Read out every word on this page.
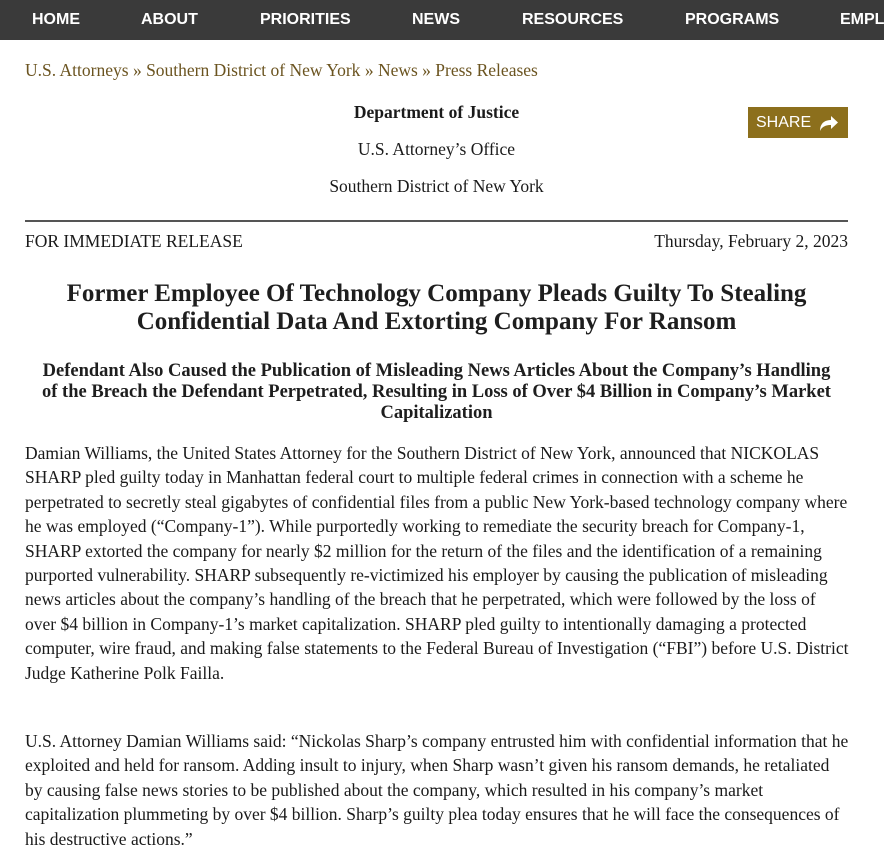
HOME	ABOUT	PRIORITIES	NEWS	RESOURCES	PROGRAMS	EMPL
U.S. Attorneys » Southern District of New York » News » Press Releases
Department of Justice
U.S. Attorney’s Office
Southern District of New York
SHARE
FOR IMMEDIATE RELEASE	Thursday, February 2, 2023
Former Employee Of Technology Company Pleads Guilty To Stealing Confidential Data And Extorting Company For Ransom
Defendant Also Caused the Publication of Misleading News Articles About the Company’s Handling of the Breach the Defendant Perpetrated, Resulting in Loss of Over $4 Billion in Company’s Market Capitalization

Damian Williams, the United States Attorney for the Southern District of New York, announced that NICKOLAS SHARP pled guilty today in Manhattan federal court to multiple federal crimes in connection with a scheme he perpetrated to secretly steal gigabytes of confidential files from a public New York-based technology company where he was employed (“Company-1”). While purportedly working to remediate the security breach for Company-1, SHARP extorted the company for nearly $2 million for the return of the files and the identification of a remaining purported vulnerability. SHARP subsequently re-victimized his employer by causing the publication of misleading news articles about the company’s handling of the breach that he perpetrated, which were followed by the loss of over $4 billion in Company-1’s market capitalization. SHARP pled guilty to intentionally damaging a protected computer, wire fraud, and making false statements to the Federal Bureau of Investigation (“FBI”) before U.S. District Judge Katherine Polk Failla.

U.S. Attorney Damian Williams said: “Nickolas Sharp’s company entrusted him with confidential information that he exploited and held for ransom. Adding insult to injury, when Sharp wasn’t given his ransom demands, he retaliated by causing false news stories to be published about the company, which resulted in his company’s market capitalization plummeting by over $4 billion. Sharp’s guilty plea today ensures that he will face the consequences of his destructive actions.”
